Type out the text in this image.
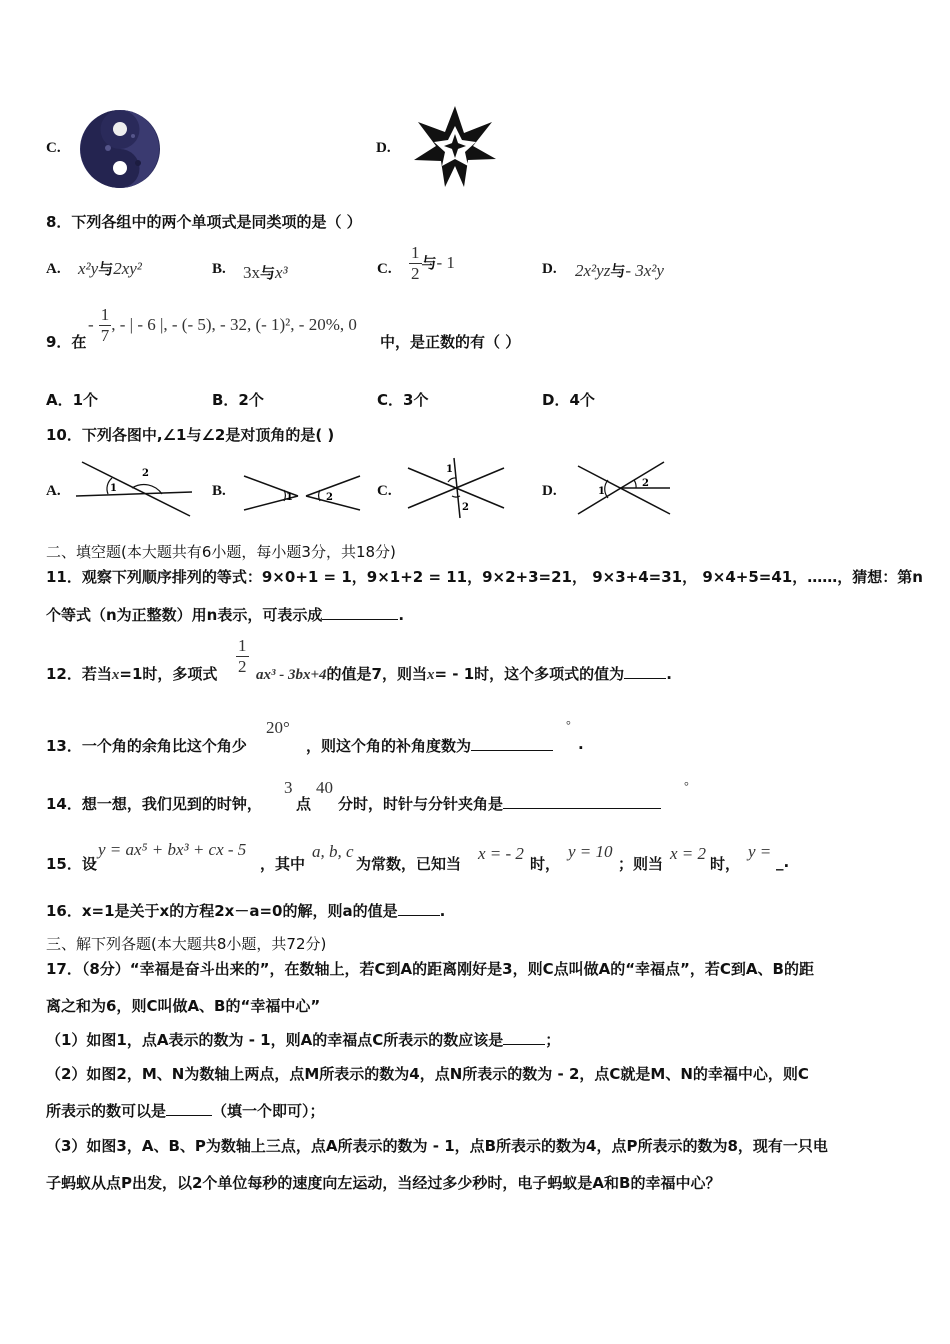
C.	D.
8．下列各组中的两个单项式是同类项的是（ ）
A. x²y与2xy²	B. 3x与x³	C. $\frac{1}{2}$ 与- 1	D. 2x²yz与- 3x²y
9．在
- $\frac{1}{7}$ , - | - 6 |, - (- 5), - 32, (- 1)², - 20%, 0
中，是正数的有（ ）
A．1个	B．2个	C．3个	D．4个
10．下列各图中,∠1与∠2是对顶角的是( )
A.	1
2
B.	1	2	C.
1
2
D.	1
2
二、填空题(本大题共有6小题，每小题3分，共18分)
11．观察下列顺序排列的等式：9×0+1 = 1，9×1+2 = 11，9×2+3=21， 9×3+4=31， 9×4+5=41，……，猜想：第n
个等式（n为正整数）用n表示，可表示成	.
12．若当x=1时，多项式 $\frac{1}{2} ax^3 - 3bx+4$的值是7，则当x= - 1时，这个多项式的值为	.
13．一个角的余角比这个角少
20°
，则这个角的补角度数为
°
.
14．想一想，我们见到的时钟，
3
点
40
分时，时针与分针夹角是
°
15．设
y = ax⁵ + bx³ + cx - 5
，其中
a, b, c
为常数，已知当
x = - 2
时，
y = 10
；则当
x = 2
时，
y =
_.
16．x=1是关于x的方程2x－a=0的解，则a的值是	.
三、解下列各题(本大题共8小题，共72分)
17．（8分）“幸福是奋斗出来的”，在数轴上，若C到A的距离刚好是3，则C点叫做A的“幸福点”，若C到A、B的距
离之和为6，则C叫做A、B的“幸福中心”
（1）如图1，点A表示的数为 - 1，则A的幸福点C所表示的数应该是	；
（2）如图2，M、N为数轴上两点，点M所表示的数为4，点N所表示的数为 - 2，点C就是M、N的幸福中心，则C
所表示的数可以是	（填一个即可）；
（3）如图3，A、B、P为数轴上三点，点A所表示的数为 - 1，点B所表示的数为4，点P所表示的数为8，现有一只电
子蚂蚁从点P出发，以2个单位每秒的速度向左运动，当经过多少秒时，电子蚂蚁是A和B的幸福中心？
